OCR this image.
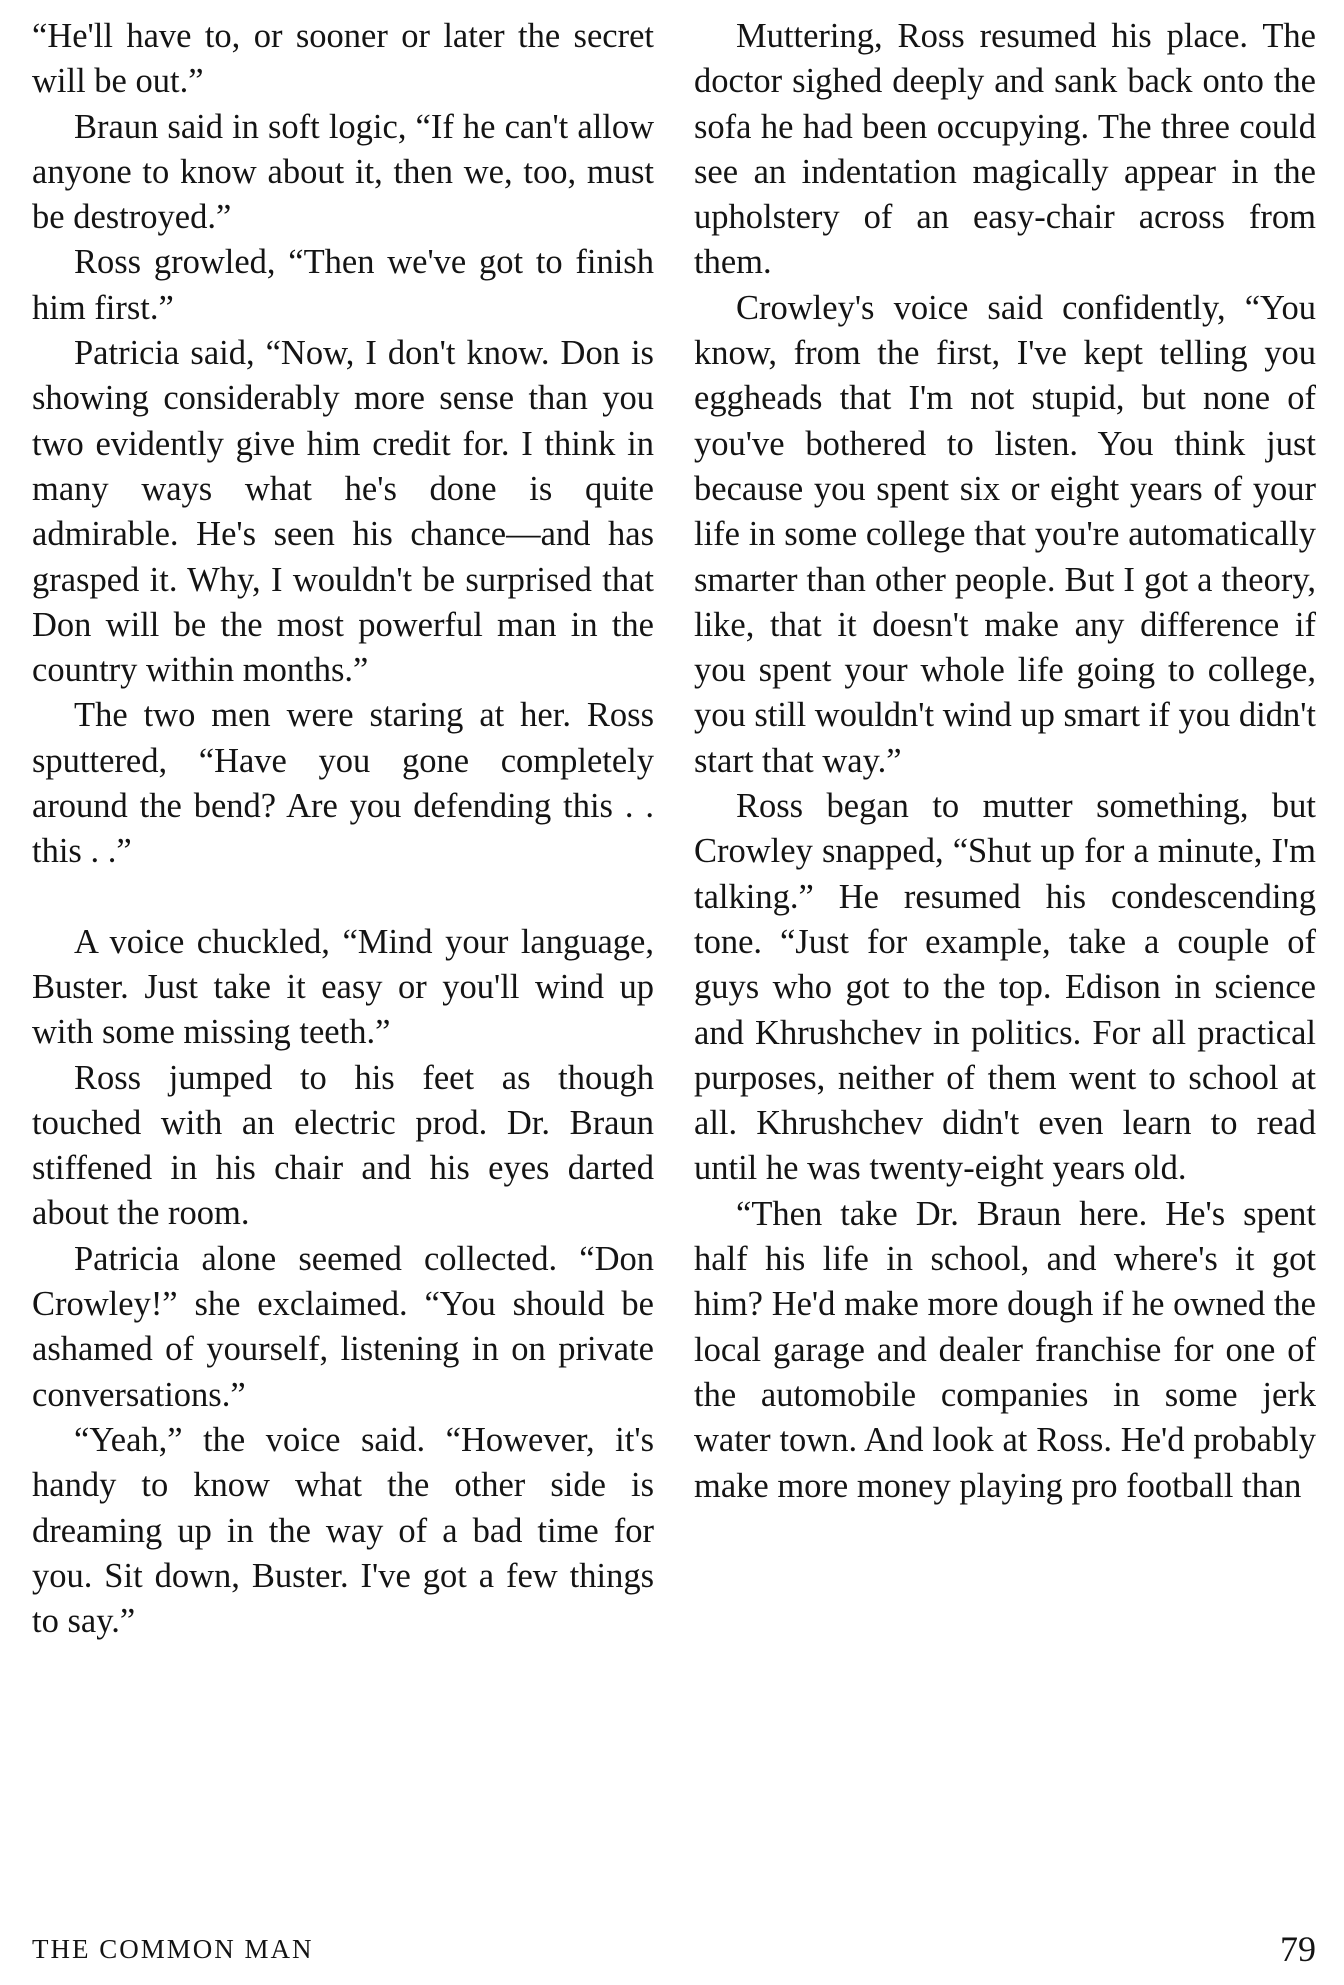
“He'll have to, or sooner or later the secret will be out.”

Braun said in soft logic, “If he can't allow anyone to know about it, then we, too, must be destroyed.”

Ross growled, “Then we've got to finish him first.”

Patricia said, “Now, I don't know. Don is showing considerably more sense than you two evidently give him credit for. I think in many ways what he's done is quite admirable. He's seen his chance—and has grasped it. Why, I wouldn't be surprised that Don will be the most powerful man in the country within months.”

The two men were staring at her. Ross sputtered, “Have you gone completely around the bend? Are you defending this . . this . .”

A voice chuckled, “Mind your language, Buster. Just take it easy or you'll wind up with some missing teeth.”

Ross jumped to his feet as though touched with an electric prod. Dr. Braun stiffened in his chair and his eyes darted about the room.

Patricia alone seemed collected. “Don Crowley!” she exclaimed. “You should be ashamed of yourself, listening in on private conversations.”

“Yeah,” the voice said. “However, it's handy to know what the other side is dreaming up in the way of a bad time for you. Sit down, Buster. I've got a few things to say.”

Muttering, Ross resumed his place. The doctor sighed deeply and sank back onto the sofa he had been occupying. The three could see an indentation magically appear in the upholstery of an easy-chair across from them.

Crowley's voice said confidently, “You know, from the first, I've kept telling you eggheads that I'm not stupid, but none of you've bothered to listen. You think just because you spent six or eight years of your life in some college that you're automatically smarter than other people. But I got a theory, like, that it doesn't make any difference if you spent your whole life going to college, you still wouldn't wind up smart if you didn't start that way.”

Ross began to mutter something, but Crowley snapped, “Shut up for a minute, I'm talking.” He resumed his condescending tone. “Just for example, take a couple of guys who got to the top. Edison in science and Khrushchev in politics. For all practical purposes, neither of them went to school at all. Khrushchev didn't even learn to read until he was twenty-eight years old.

“Then take Dr. Braun here. He's spent half his life in school, and where's it got him? He'd make more dough if he owned the local garage and dealer franchise for one of the automobile companies in some jerk water town. And look at Ross. He'd probably make more money playing pro football than

THE COMMON MAN	79
